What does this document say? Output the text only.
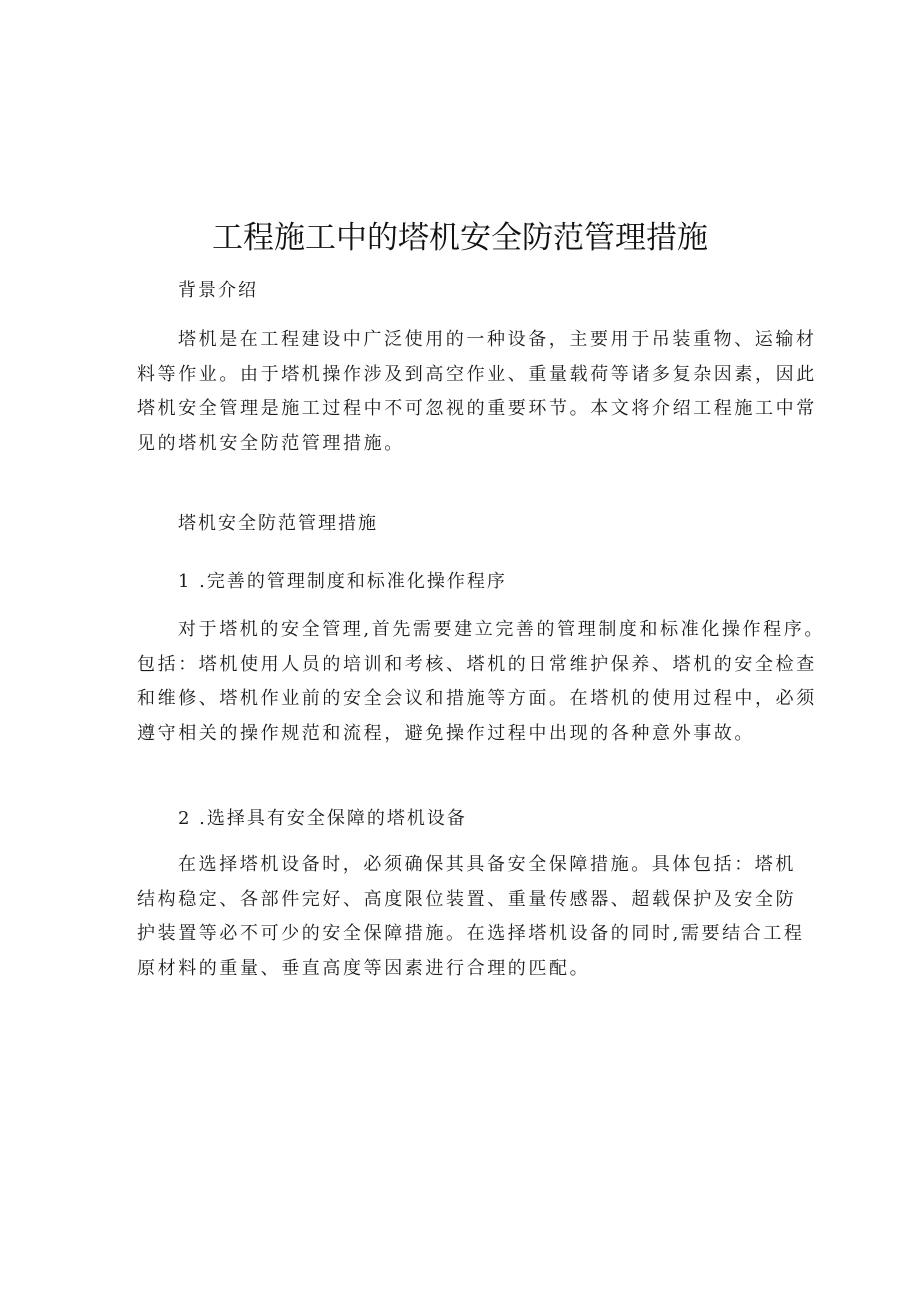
工程施工中的塔机安全防范管理措施

背景介绍

塔机是在工程建设中广泛使用的一种设备，主要用于吊装重物、运输材
料等作业。由于塔机操作涉及到高空作业、重量载荷等诸多复杂因素，因此
塔机安全管理是施工过程中不可忽视的重要环节。本文将介绍工程施工中常
见的塔机安全防范管理措施。

塔机安全防范管理措施

1 .完善的管理制度和标准化操作程序

对于塔机的安全管理,首先需要建立完善的管理制度和标准化操作程序。
包括：塔机使用人员的培训和考核、塔机的日常维护保养、塔机的安全检查
和维修、塔机作业前的安全会议和措施等方面。在塔机的使用过程中，必须
遵守相关的操作规范和流程，避免操作过程中出现的各种意外事故。

2 .选择具有安全保障的塔机设备

在选择塔机设备时，必须确保其具备安全保障措施。具体包括：塔机
结构稳定、各部件完好、高度限位装置、重量传感器、超载保护及安全防
护装置等必不可少的安全保障措施。在选择塔机设备的同时,需要结合工程
原材料的重量、垂直高度等因素进行合理的匹配。
